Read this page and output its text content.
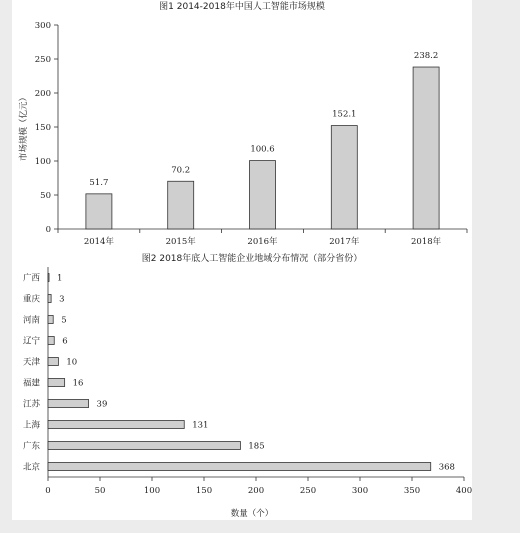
图1 2014-2018年中国人工智能市场规模
0
50
100
150
200
250
300
2014年	2015年	2016年	2017年	2018年
51.7
70.2
100.6
152.1
238.2
市场规模（亿元）
图2 2018年底人工智能企业地域分布情况（部分省份）
0	50	100	150	200	250	300	350	400
广西
重庆
河南
辽宁
天津
福建
江苏
上海
广东
北京
1
3
5
6
10
16
39
131
185
368
数量（个）
